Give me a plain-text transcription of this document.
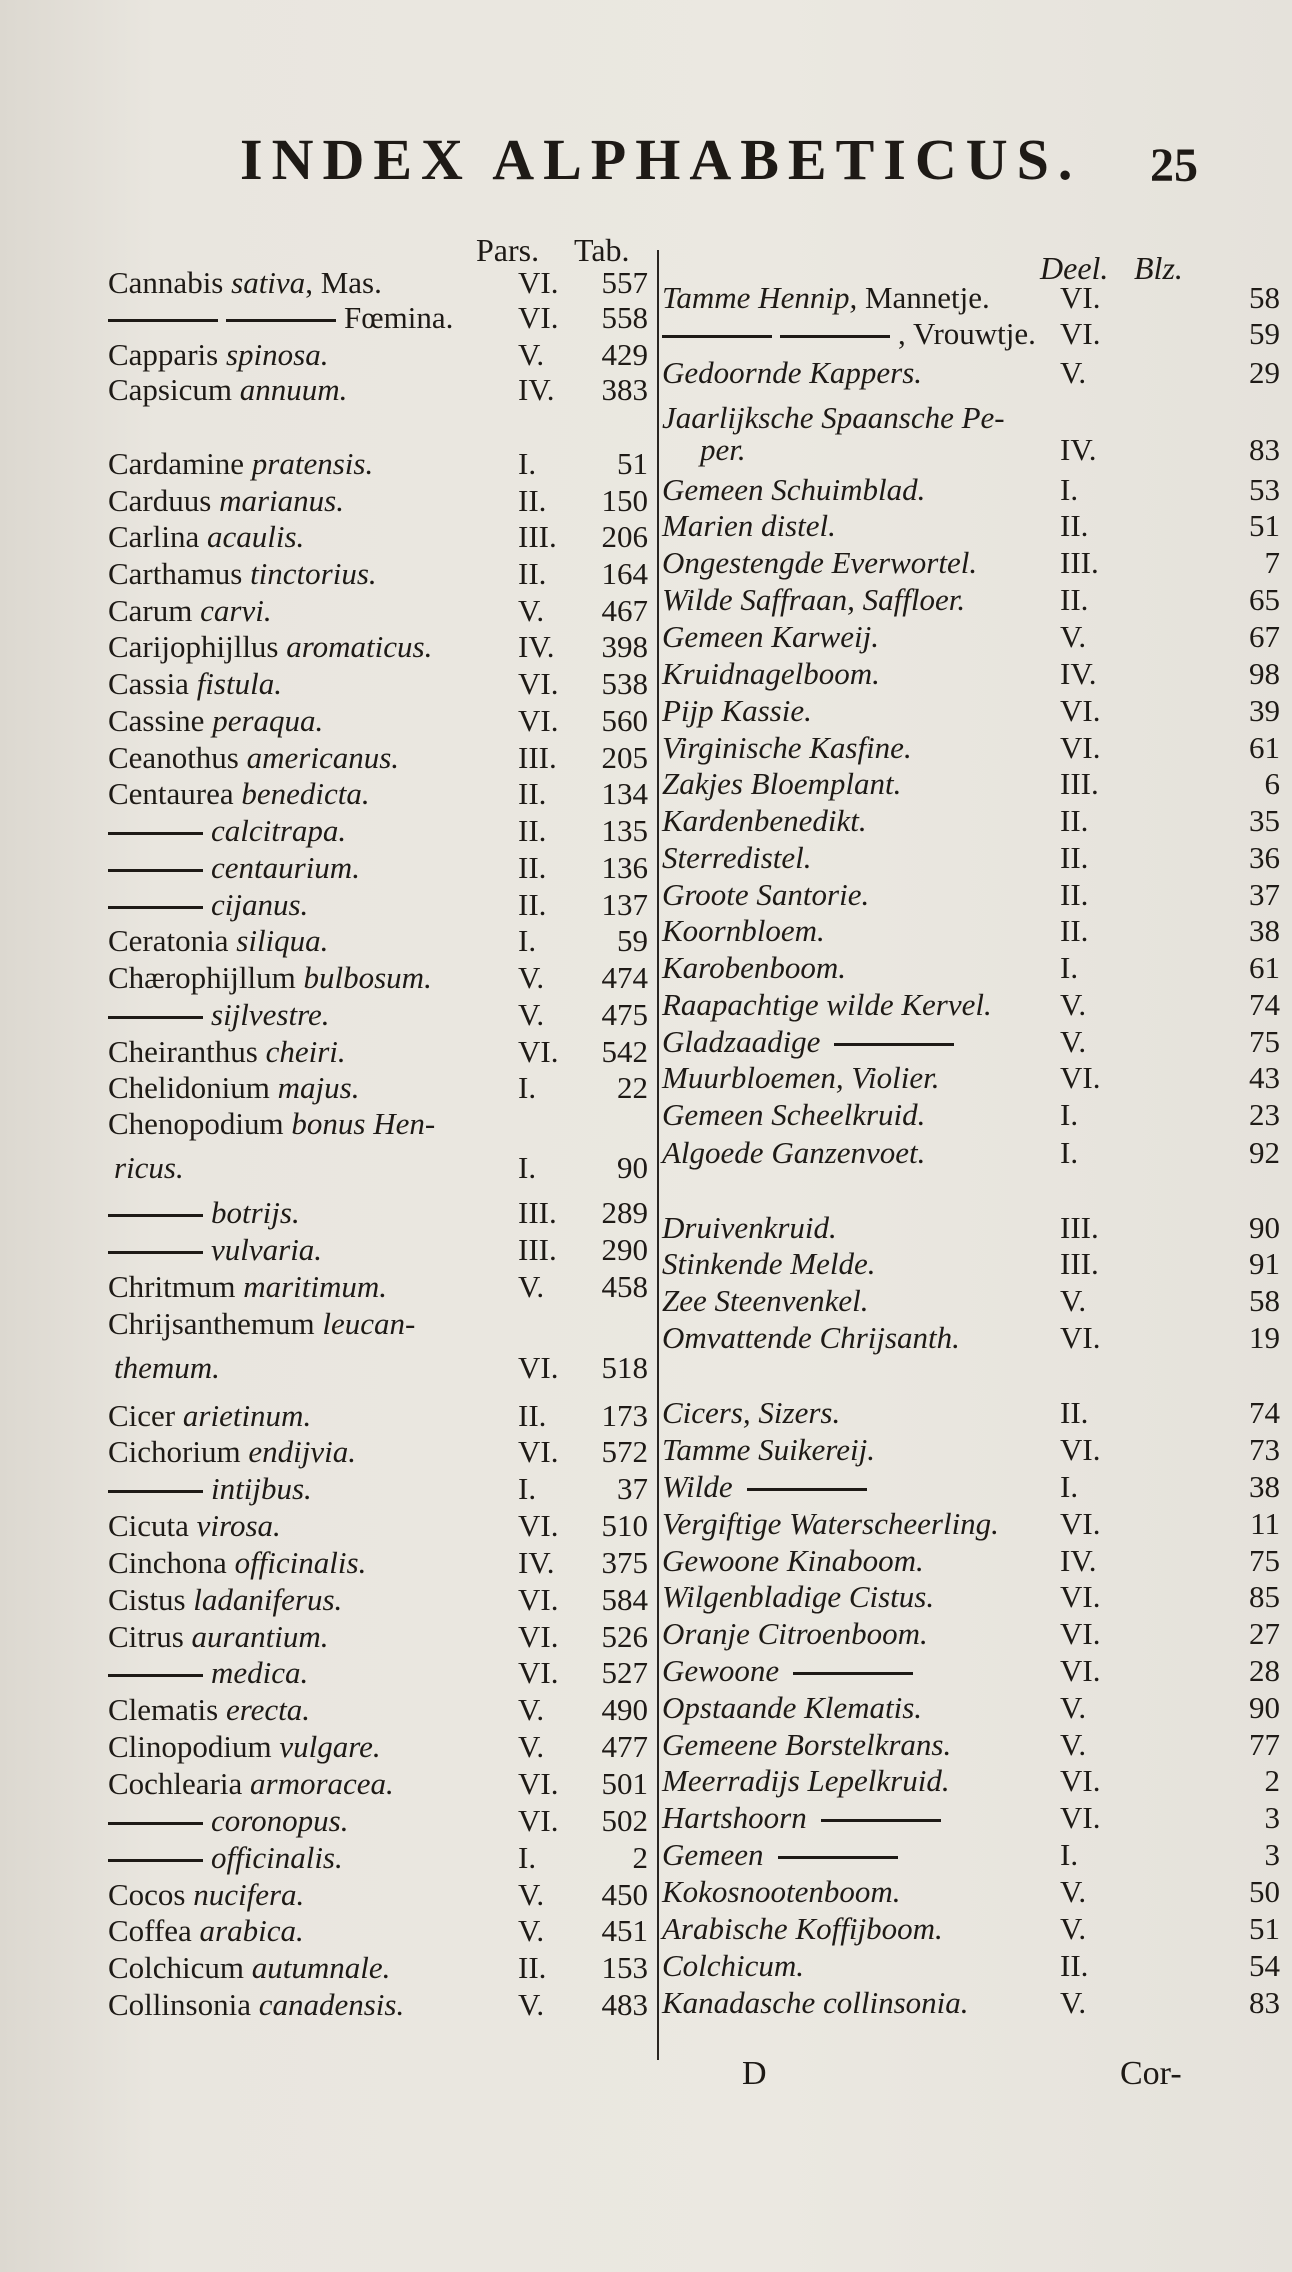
INDEX ALPHABETICUS. 25
Pars. Tab.	Deel. Blz.
Cannabis sativa, Mas.	VI.	557
Fœmina. VI.	558
Capparis spinosa.	V.	429
Capsicum annuum.	IV.	383
Cardamine pratensis.	I.	51
Carduus marianus.	II.	150
Carlina acaulis.	III.	206
Carthamus tinctorius.	II.	164
Carum carvi.	V.	467
Carijophijllus aromaticus.	IV.	398
Cassia fistula.	VI.	538
Cassine peraqua.	VI.	560
Ceanothus americanus.	III.	205
Centaurea benedicta.	II.	134
calcitrapa.	II.	135
centaurium.	II.	136
cijanus.	II.	137
Ceratonia siliqua.	I.	59
Chærophijllum bulbosum.	V.	474
sijlvestre.	V.	475
Cheiranthus cheiri.	VI.	542
Chelidonium majus.	I.	22
Chenopodium bonus Hen-
ricus.	I.	90
botrijs.	III.	289
vulvaria.	III.	290
Chritmum maritimum.	V.	458
Chrijsanthemum leucan-
themum.	VI.	518
Cicer arietinum.	II.	173
Cichorium endijvia.	VI.	572
intijbus.	I.	37
Cicuta virosa.	VI.	510
Cinchona officinalis.	IV.	375
Cistus ladaniferus.	VI.	584
Citrus aurantium.	VI.	526
medica.	VI.	527
Clematis erecta.	V.	490
Clinopodium vulgare.	V.	477
Cochlearia armoracea.	VI.	501
coronopus.	VI.	502
officinalis.	I.	2
Cocos nucifera.	V.	450
Coffea arabica.	V.	451
Colchicum autumnale.	II.	153
Collinsonia canadensis.	V.	483
Tamme Hennip, Mannetje. VI.	58
, Vrouwtje. VI.	59
Gedoornde Kappers.	V.	29
Jaarlijksche Spaansche Pe-
per.	IV.	83
Gemeen Schuimblad.	I.	53
Marien distel.	II.	51
Ongestengde Everwortel.	III.	7
Wilde Saffraan, Saffloer.	II.	65
Gemeen Karweij.	V.	67
Kruidnagelboom.	IV.	98
Pijp Kassie.	VI.	39
Virginische Kasfine.	VI.	61
Zakjes Bloemplant.	III.	6
Kardenbenedikt.	II.	35
Sterredistel.	II.	36
Groote Santorie.	II.	37
Koornbloem.	II.	38
Karobenboom.	I.	61
Raapachtige wilde Kervel. V.	74
Gladzaadige	V.	75
Muurbloemen, Violier.	VI.	43
Gemeen Scheelkruid.	I.	23
Algoede Ganzenvoet.	I.	92
Druivenkruid.	III.	90
Stinkende Melde.	III.	91
Zee Steenvenkel.	V.	58
Omvattende Chrijsanth.	VI.	19
Cicers, Sizers.	II.	74
Tamme Suikereij.	VI.	73
Wilde	I.	38
Vergiftige Waterscheerling. VI.	11
Gewoone Kinaboom.	IV.	75
Wilgenbladige Cistus.	VI.	85
Oranje Citroenboom.	VI.	27
Gewoone	VI.	28
Opstaande Klematis.	V.	90
Gemeene Borstelkrans.	V.	77
Meerradijs Lepelkruid.	VI.	2
Hartshoorn	VI.	3
Gemeen	I.	3
Kokosnootenboom.	V.	50
Arabische Koffijboom.	V.	51
Colchicum.	II.	54
Kanadasche collinsonia.	V.	83
D	Cor-
